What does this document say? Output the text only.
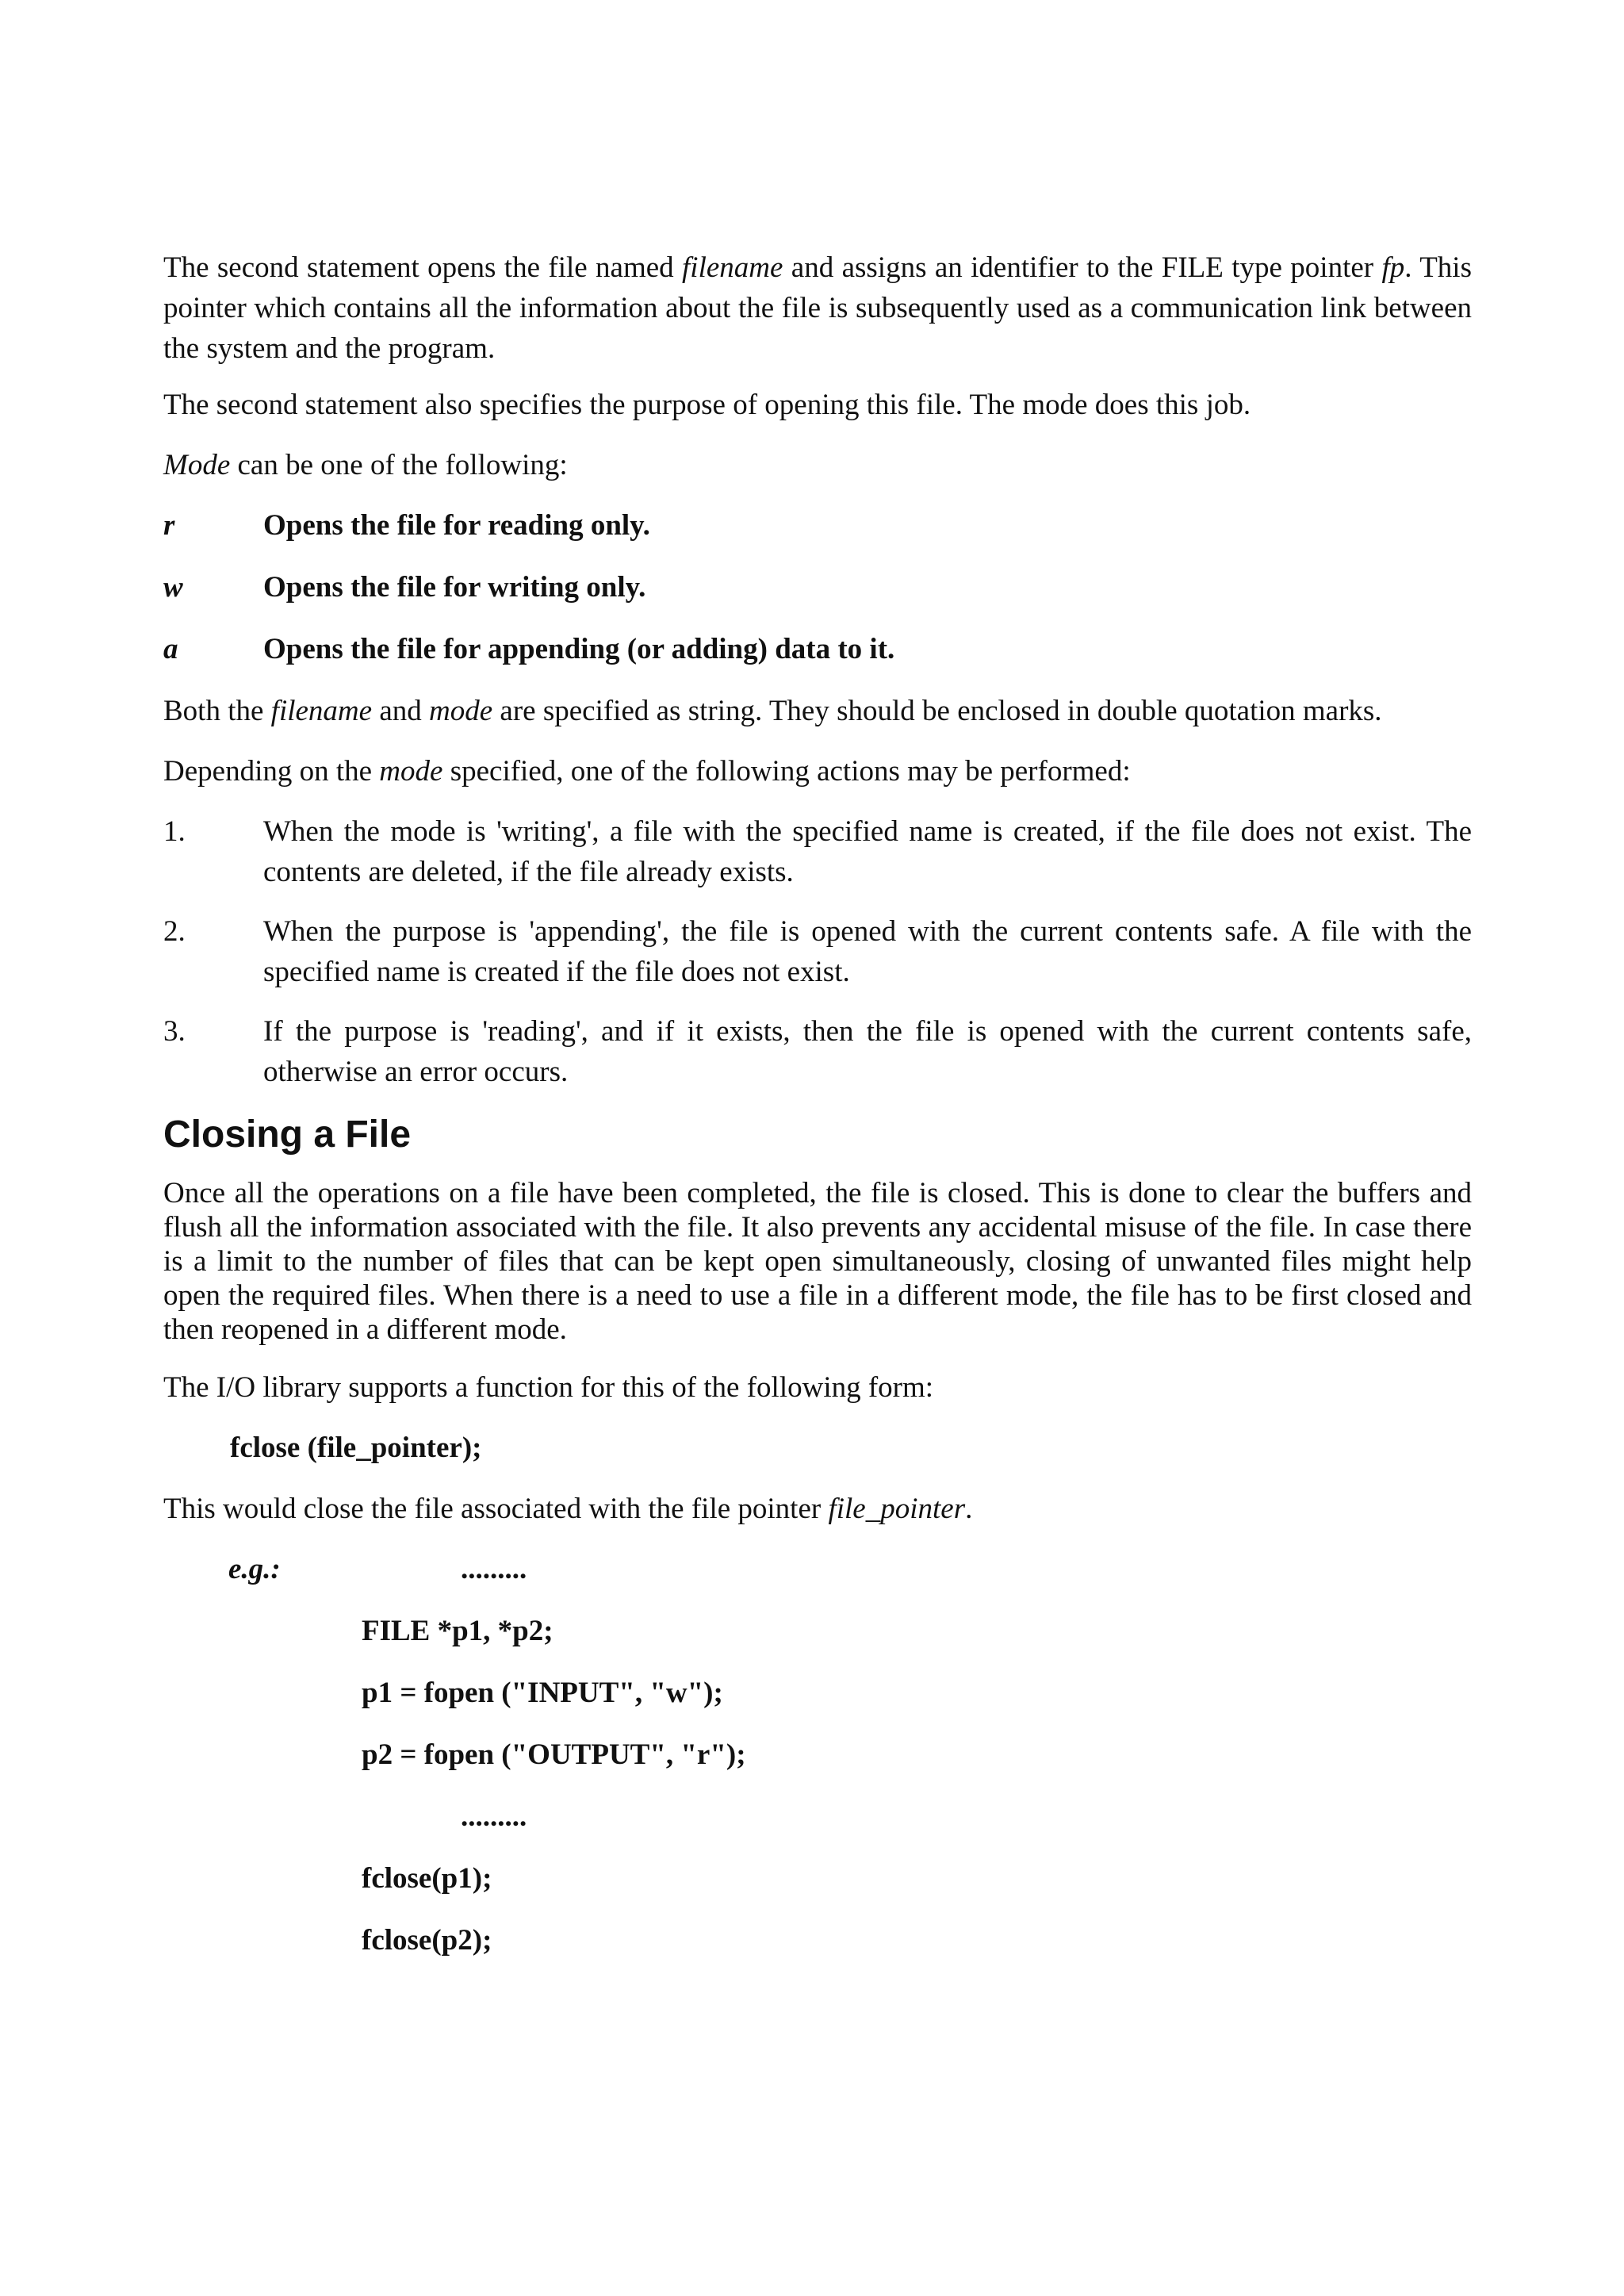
The second statement opens the file named filename and assigns an identifier to the FILE type pointer fp. This pointer which contains all the information about the file is subsequently used as a communication link between the system and the program.

The second statement also specifies the purpose of opening this file. The mode does this job.

Mode can be one of the following:

r	Opens the file for reading only.
w	Opens the file for writing only.
a	Opens the file for appending (or adding) data to it.

Both the filename and mode are specified as string. They should be enclosed in double quotation marks.

Depending on the mode specified, one of the following actions may be performed:

1.	When the mode is 'writing', a file with the specified name is created, if the file does not exist. The contents are deleted, if the file already exists.
2.	When the purpose is 'appending', the file is opened with the current contents safe. A file with the specified name is created if the file does not exist.
3.	If the purpose is 'reading', and if it exists, then the file is opened with the current contents safe, otherwise an error occurs.
Closing a File

Once all the operations on a file have been completed, the file is closed. This is done to clear the buffers and flush all the information associated with the file. It also prevents any accidental misuse of the file. In case there is a limit to the number of files that can be kept open simultaneously, closing of unwanted files might help open the required files. When there is a need to use a file in a different mode, the file has to be first closed and then reopened in a different mode.

The I/O library supports a function for this of the following form:

fclose (file_pointer);

This would close the file associated with the file pointer file_pointer.

e.g.:	.........
FILE *p1, *p2;
p1 = fopen ("INPUT", "w");
p2 = fopen ("OUTPUT", "r");
.........
fclose(p1);
fclose(p2);
